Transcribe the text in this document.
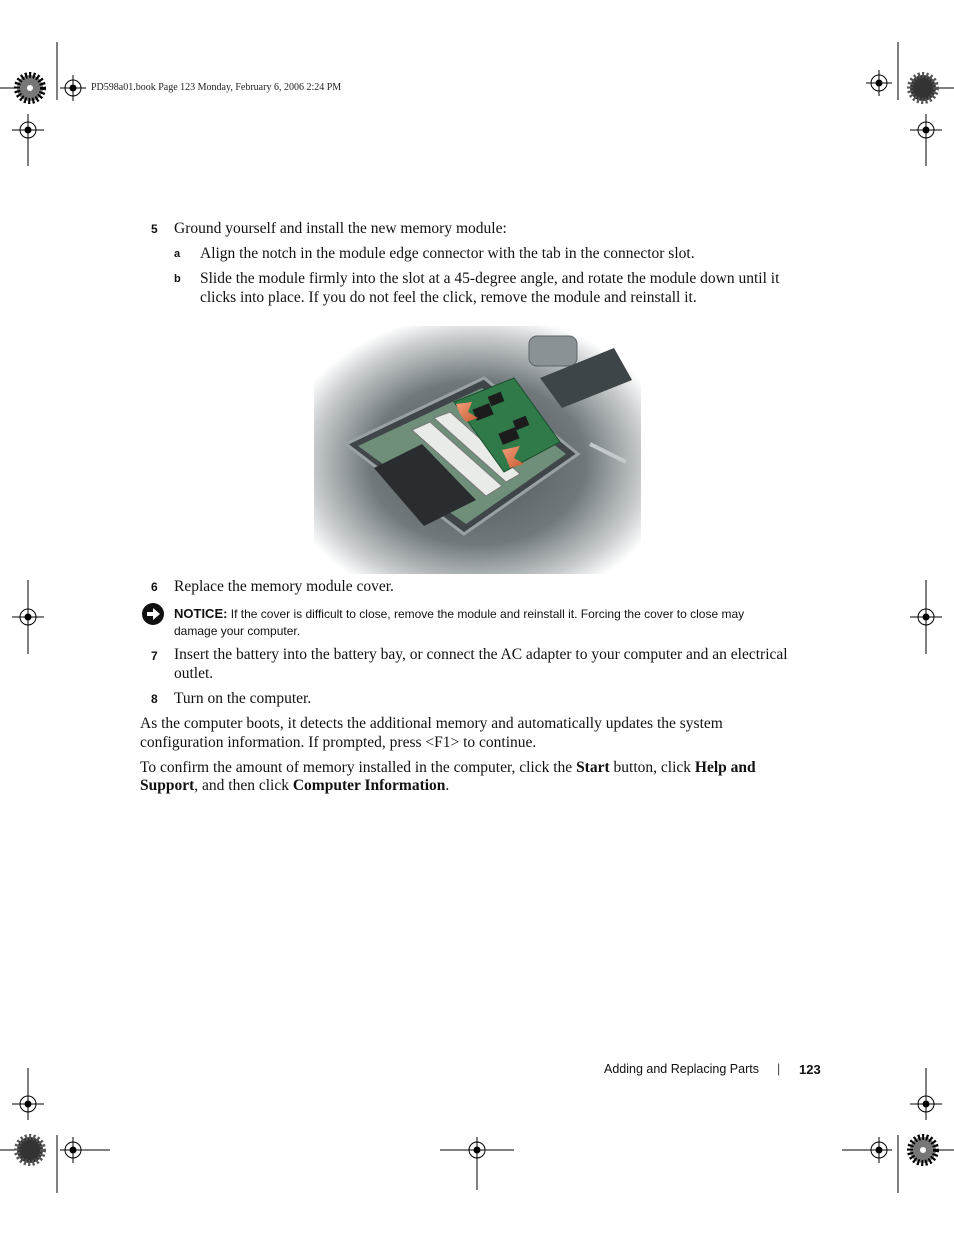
PD598a01.book Page 123 Monday, February 6, 2006 2:24 PM
5 Ground yourself and install the new memory module:
a Align the notch in the module edge connector with the tab in the connector slot.
b Slide the module firmly into the slot at a 45-degree angle, and rotate the module down until it
clicks into place. If you do not feel the click, remove the module and reinstall it.
6 Replace the memory module cover.
NOTICE: If the cover is difficult to close, remove the module and reinstall it. Forcing the cover to close may
damage your computer.
7 Insert the battery into the battery bay, or connect the AC adapter to your computer and an electrical
outlet.
8 Turn on the computer.
As the computer boots, it detects the additional memory and automatically updates the system
configuration information. If prompted, press <F1> to continue.
To confirm the amount of memory installed in the computer, click the Start button, click Help and
Support, and then click Computer Information.
Adding and Replacing Parts | 123
